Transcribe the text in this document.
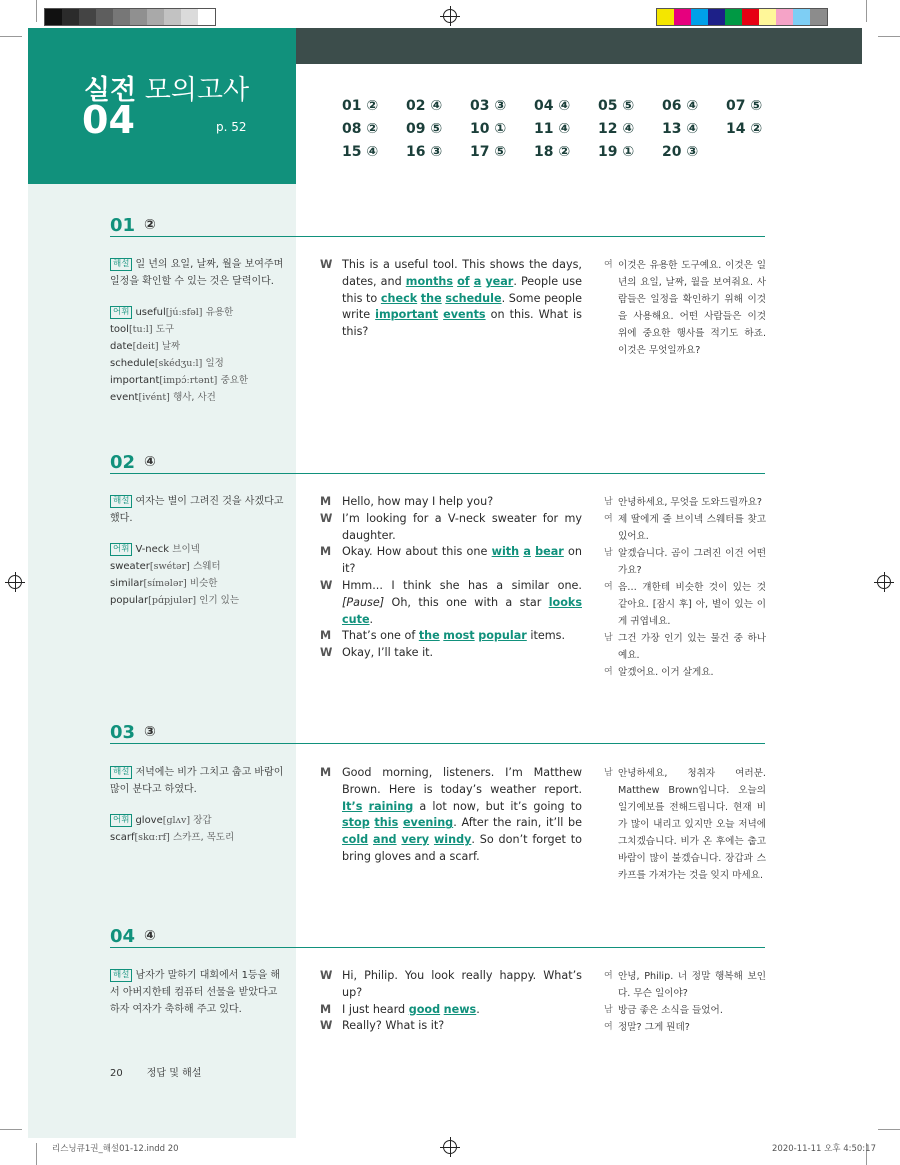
실전 모의고사
04	p. 52
01 ②	02 ④	03 ③	04 ④	05 ⑤	06 ④	07 ⑤
08 ②	09 ⑤	10 ①	11 ④	12 ④	13 ④	14 ②
15 ④	16 ③	17 ⑤	18 ②	19 ①	20 ③
01 ②
02 ④
03 ③
04 ④
해설 일 년의 요일, 날짜, 월을 보여주며 일정을 확인할 수 있는 것은 달력이다.
어휘 useful[júːsfəl] 유용한
tool[tuːl] 도구
date[deit] 날짜
schedule[skédʒuːl] 일정
important[impɔ́ːrtənt] 중요한
event[ivént] 행사, 사건
W This is a useful tool. This shows the days, dates, and months of a year. People use this to check the schedule. Some people write important events on this. What is this?
여 이것은 유용한 도구예요. 이것은 일 년의 요일, 날짜, 월을 보여줘요. 사람들은 일정을 확인하기 위해 이것을 사용해요. 어떤 사람들은 이것 위에 중요한 행사를 적기도 하죠. 이것은 무엇일까요?
해설 여자는 별이 그려진 것을 사겠다고 했다.
어휘 V-neck 브이넥
sweater[swétər] 스웨터
similar[símələr] 비슷한
popular[pɑ́pjulər] 인기 있는
M Hello, how may I help you?
W I’m looking for a V-neck sweater for my daughter.
M Okay. How about this one with a bear on it?
W Hmm... I think she has a similar one. [Pause] Oh, this one with a star looks cute.
M That’s one of the most popular items.
W Okay, I’ll take it.
남 안녕하세요, 무엇을 도와드릴까요?
여 제 딸에게 줄 브이넥 스웨터를 찾고 있어요.
남 알겠습니다. 곰이 그려진 이건 어떤가요?
여 음… 걔한테 비슷한 것이 있는 것 같아요. [잠시 후] 아, 별이 있는 이게 귀엽네요.
남 그건 가장 인기 있는 물건 중 하나예요.
여 알겠어요. 이거 살게요.
해설 저녁에는 비가 그치고 춥고 바람이 많이 분다고 하였다.
어휘 glove[glʌv] 장갑
scarf[skɑːrf] 스카프, 목도리
M Good morning, listeners. I’m Matthew Brown. Here is today’s weather report. It’s raining a lot now, but it’s going to stop this evening. After the rain, it’ll be cold and very windy. So don’t forget to bring gloves and a scarf.
남 안녕하세요, 청취자 여러분. Matthew Brown입니다. 오늘의 일기예보를 전해드립니다. 현재 비가 많이 내리고 있지만 오늘 저녁에 그치겠습니다. 비가 온 후에는 춥고 바람이 많이 불겠습니다. 장갑과 스카프를 가져가는 것을 잊지 마세요.
해설 남자가 말하기 대회에서 1등을 해서 아버지한테 컴퓨터 선물을 받았다고 하자 여자가 축하해 주고 있다.
W Hi, Philip. You look really happy. What’s up?
M I just heard good news.
W Really? What is it?
여 안녕, Philip. 너 정말 행복해 보인다. 무슨 일이야?
남 방금 좋은 소식을 들었어.
여 정말? 그게 뭔데?
20 정답 및 해설
리스닝큐1권_해설01-12.indd 20	2020-11-11 오후 4:50:17
